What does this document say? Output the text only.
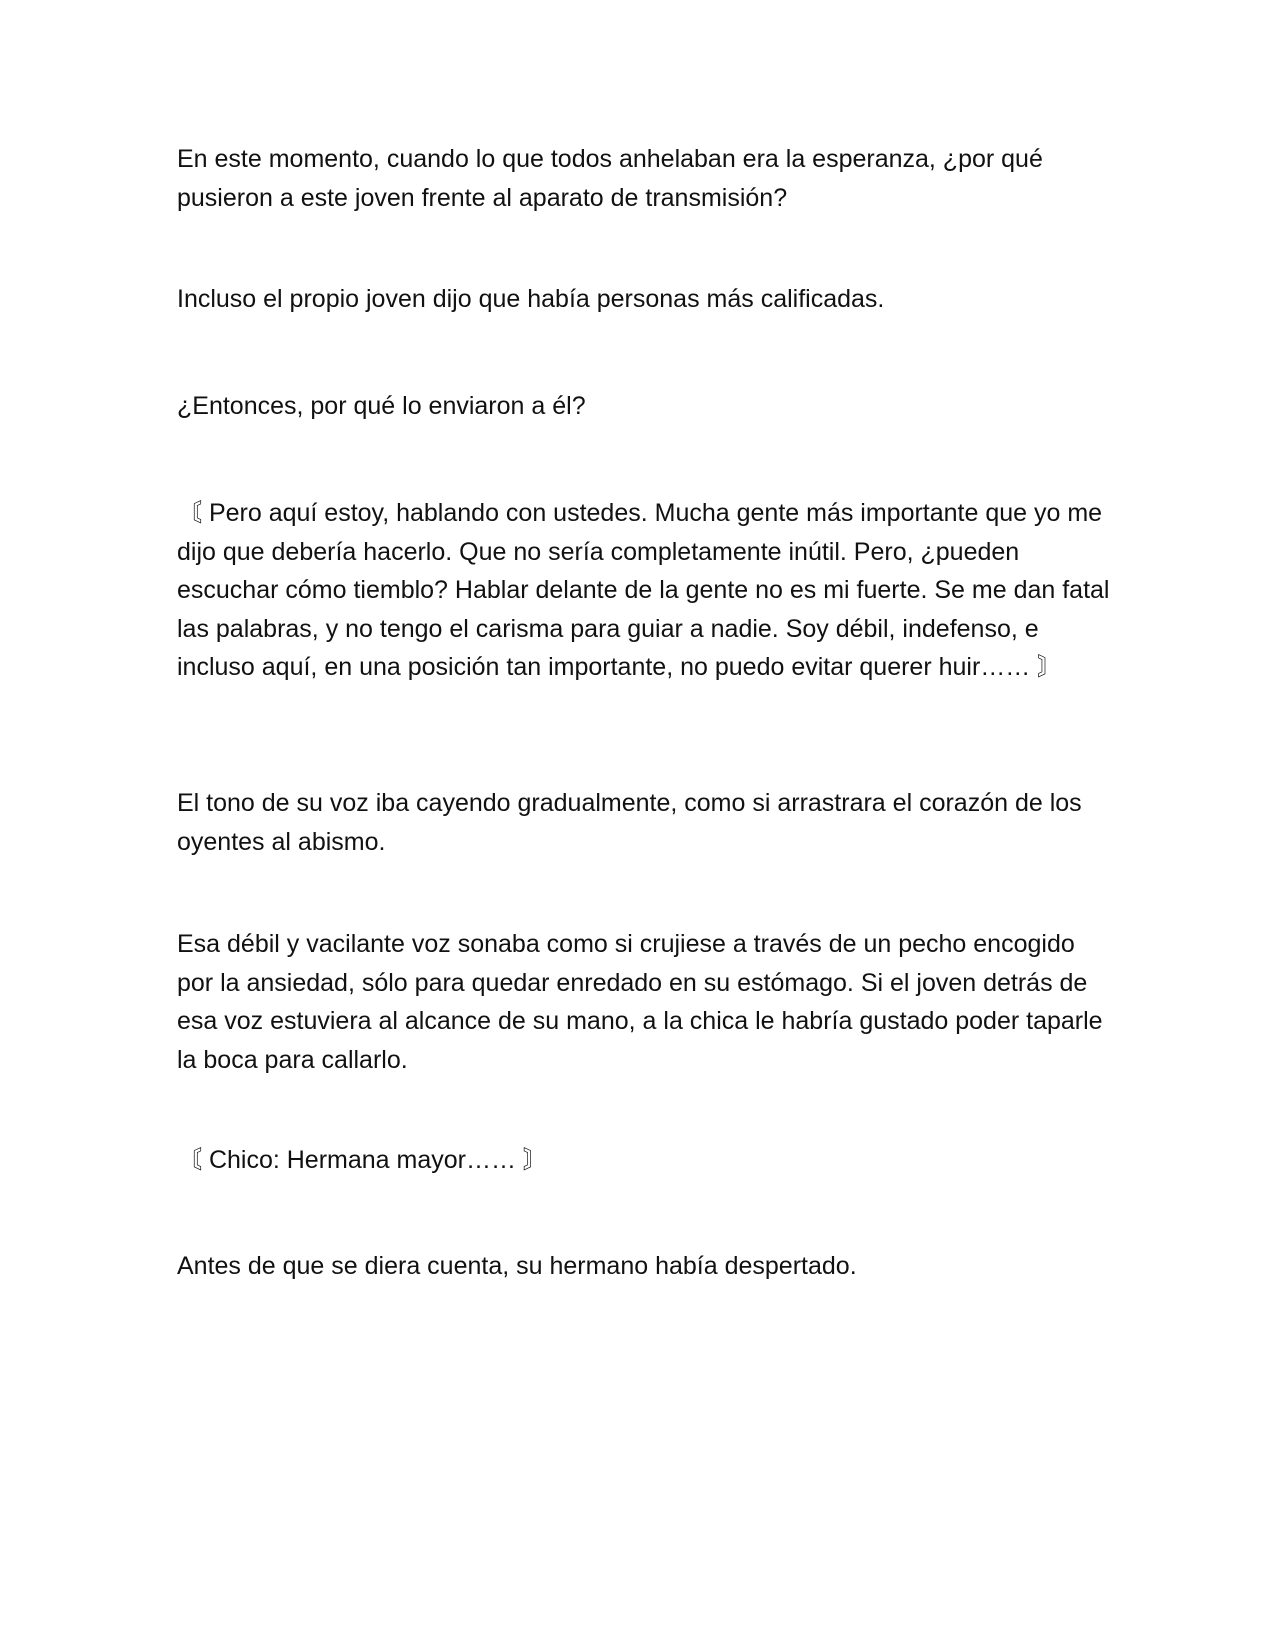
En este momento, cuando lo que todos anhelaban era la esperanza, ¿por qué pusieron a este joven frente al aparato de transmisión?

Incluso el propio joven dijo que había personas más calificadas.

¿Entonces, por qué lo enviaron a él?

〘 Pero aquí estoy, hablando con ustedes. Mucha gente más importante que yo me dijo que debería hacerlo. Que no sería completamente inútil. Pero, ¿pueden escuchar cómo tiemblo? Hablar delante de la gente no es mi fuerte. Se me dan fatal las palabras, y no tengo el carisma para guiar a nadie. Soy débil, indefenso, e incluso aquí, en una posición tan importante, no puedo evitar querer huir…… 〙

El tono de su voz iba cayendo gradualmente, como si arrastrara el corazón de los oyentes al abismo.

Esa débil y vacilante voz sonaba como si crujiese a través de un pecho encogido por la ansiedad, sólo para quedar enredado en su estómago. Si el joven detrás de esa voz estuviera al alcance de su mano, a la chica le habría gustado poder taparle la boca para callarlo.

〘 Chico: Hermana mayor…… 〙

Antes de que se diera cuenta, su hermano había despertado.
